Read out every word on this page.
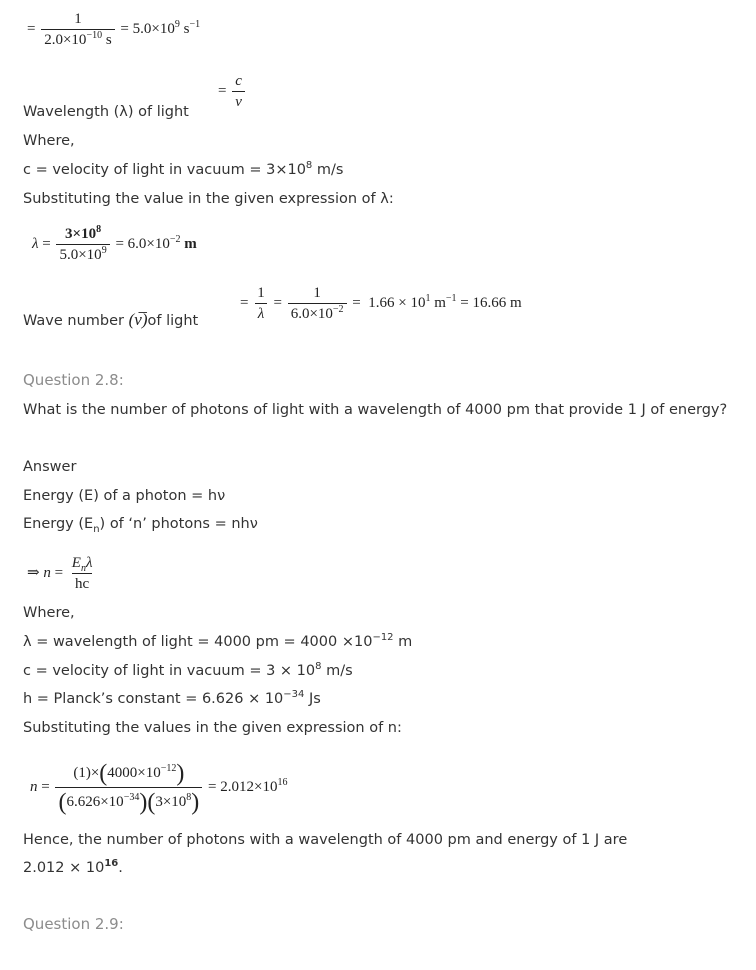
= $\frac{1}{2.0\times 10^{-10} s} = 5.0\times 10^9$ $s^{-1}$
Wavelength (λ) of light
= $\frac{c}{\nu}$
Where,
c = velocity of light in vacuum = $3\times 10^8$ m/s
Substituting the value in the given expression of λ:
$\lambda = \frac{3\times 10^8}{5.0\times 10^9} = 6.0\times 10^{-2}$ m
Wave number (ν̅)of light
= $\frac{1}{\lambda} = \frac{1}{6.0\times 10^{-2}} = 1.66 \times 10^1$ $m^{-1} = 16.66$ m
Question 2.8:
What is the number of photons of light with a wavelength of 4000 pm that provide 1 J of energy?
Answer
Energy (E) of a photon = hν
Energy $(E_n)$ of ‘n’ photons = nhν
⇒ $n = \frac{E_n\lambda}{hc}$
Where,
λ = wavelength of light = 4000 pm = $4000 \times 10^{-12}$ m
c = velocity of light in vacuum = $3 \times 10^8$ m/s
h = Planck’s constant = $6.626 \times 10^{-34}$ Js
Substituting the values in the given expression of n:
$n = \frac{(1)\times(4000\times 10^{-12})}{(6.626\times 10^{-34})(3\times 10^8)} = 2.012\times 10^{16}$
Hence, the number of photons with a wavelength of 4000 pm and energy of 1 J are
$2.012 \times 10^{16}$.
Question 2.9:
